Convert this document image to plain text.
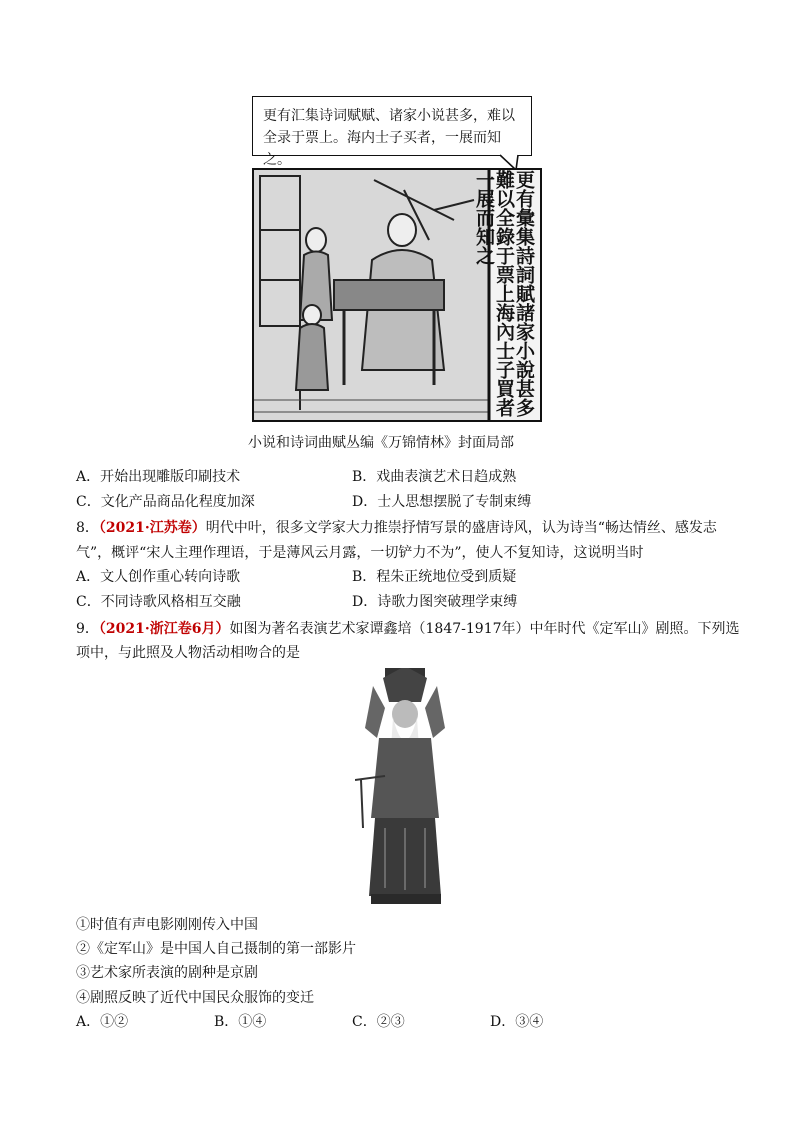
更有汇集诗词赋赋、诸家小说甚多，难以
全录于票上。海内士子买者，一展而知之。
更有彙集詩詞賦諸家小說甚多難以全錄于票上海內士子買者一展而知之
小说和诗词曲赋丛编《万锦情林》封面局部
A．开始出现雕版印刷技术	B．戏曲表演艺术日趋成熟
C．文化产品商品化程度加深	D．士人思想摆脱了专制束缚
8．（2021·江苏卷）明代中叶，很多文学家大力推崇抒情写景的盛唐诗风，认为诗当“畅达情丝、感发志
气”，概评“宋人主理作理语，于是薄风云月露，一切铲力不为”，使人不复知诗，这说明当时
A．文人创作重心转向诗歌	B．程朱正统地位受到质疑
C．不同诗歌风格相互交融	D．诗歌力图突破理学束缚
9．（2021·浙江卷6月）如图为著名表演艺术家谭鑫培（1847-1917年）中年时代《定军山》剧照。下列选
项中，与此照及人物活动相吻合的是
①时值有声电影刚刚传入中国
②《定军山》是中国人自己摄制的第一部影片
③艺术家所表演的剧种是京剧
④剧照反映了近代中国民众服饰的变迁
A．①②	B．①④	C．②③	D．③④
